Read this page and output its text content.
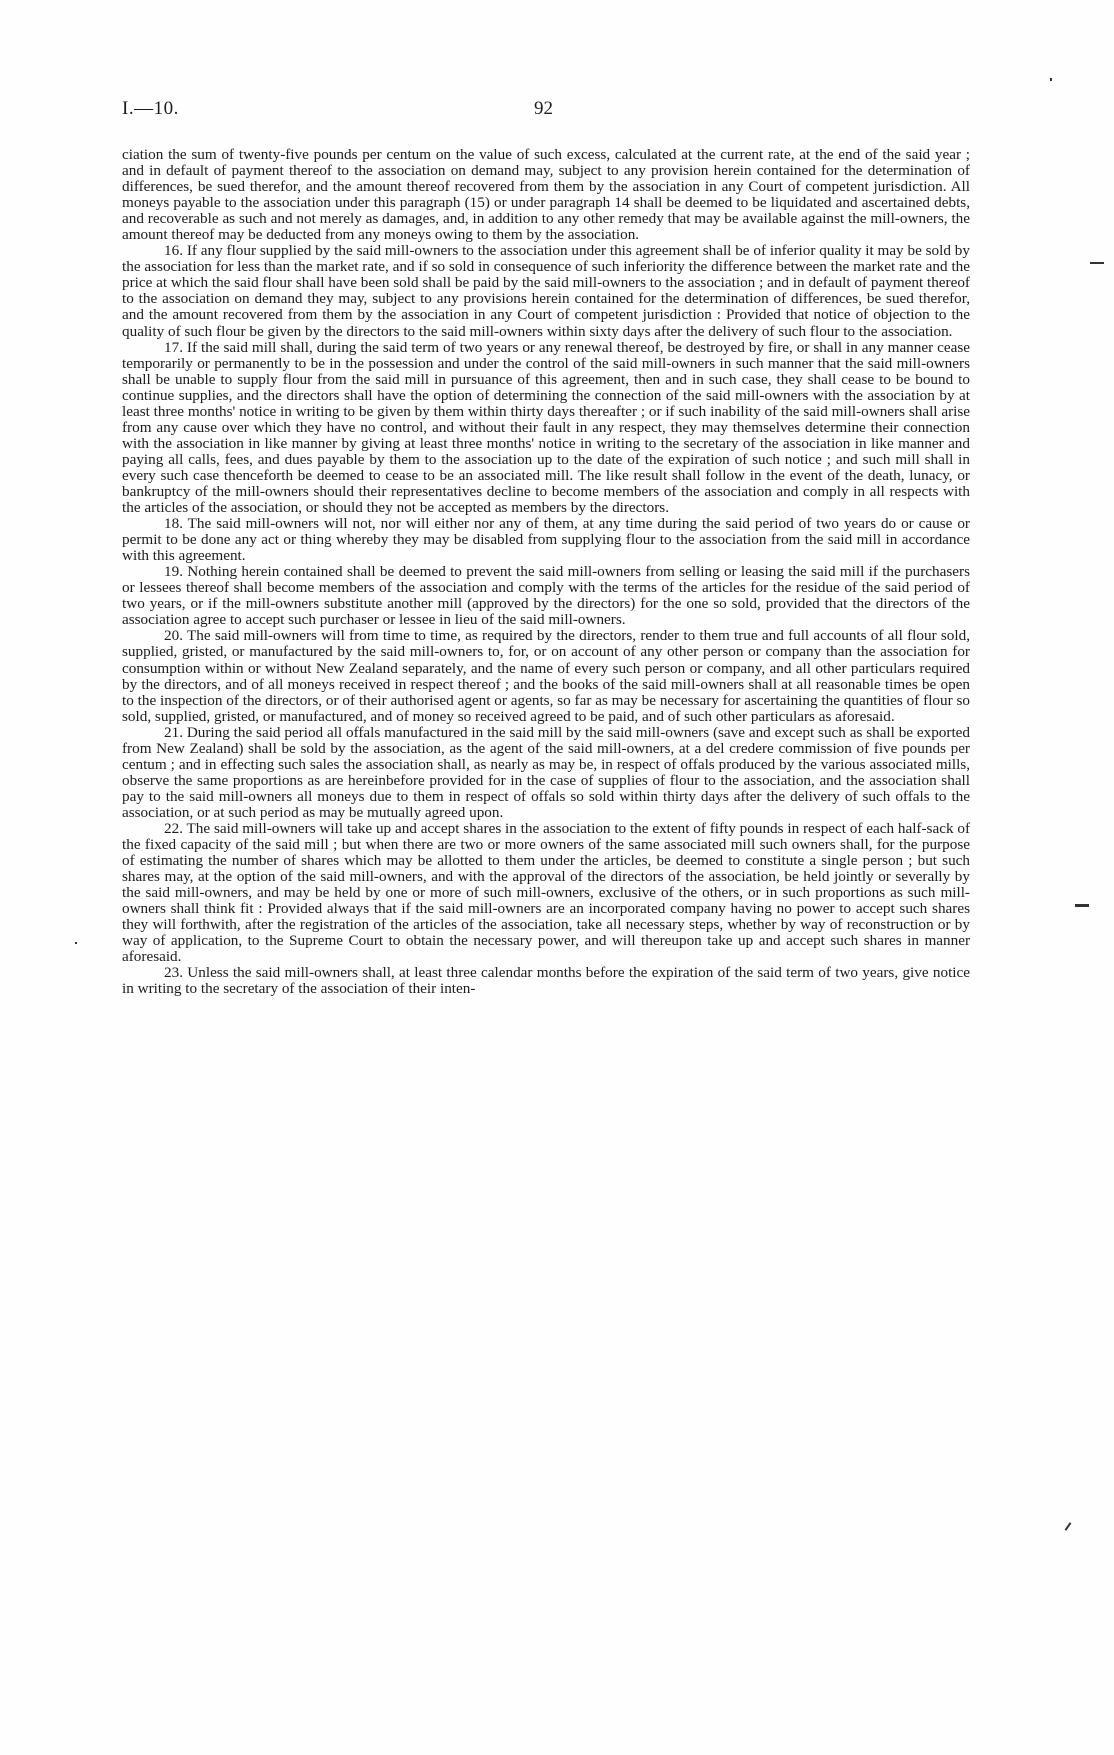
I.—10.	92

ciation the sum of twenty-five pounds per centum on the value of such excess, calculated at the current rate, at the end of the said year ; and in default of payment thereof to the association on demand may, subject to any provision herein contained for the determination of differences, be sued therefor, and the amount thereof recovered from them by the association in any Court of competent jurisdiction. All moneys payable to the association under this paragraph (15) or under paragraph 14 shall be deemed to be liquidated and ascertained debts, and recoverable as such and not merely as damages, and, in addition to any other remedy that may be available against the mill-owners, the amount thereof may be deducted from any moneys owing to them by the association.

16. If any flour supplied by the said mill-owners to the association under this agreement shall be of inferior quality it may be sold by the association for less than the market rate, and if so sold in consequence of such inferiority the difference between the market rate and the price at which the said flour shall have been sold shall be paid by the said mill-owners to the association ; and in default of payment thereof to the association on demand they may, subject to any provisions herein contained for the determination of differences, be sued therefor, and the amount recovered from them by the association in any Court of competent jurisdiction : Provided that notice of objection to the quality of such flour be given by the directors to the said mill-owners within sixty days after the delivery of such flour to the association.

17. If the said mill shall, during the said term of two years or any renewal thereof, be destroyed by fire, or shall in any manner cease temporarily or permanently to be in the possession and under the control of the said mill-owners in such manner that the said mill-owners shall be unable to supply flour from the said mill in pursuance of this agreement, then and in such case, they shall cease to be bound to continue supplies, and the directors shall have the option of determining the connection of the said mill-owners with the association by at least three months' notice in writing to be given by them within thirty days thereafter ; or if such inability of the said mill-owners shall arise from any cause over which they have no control, and without their fault in any respect, they may themselves determine their connection with the association in like manner by giving at least three months' notice in writing to the secretary of the association in like manner and paying all calls, fees, and dues payable by them to the association up to the date of the expiration of such notice ; and such mill shall in every such case thenceforth be deemed to cease to be an associated mill. The like result shall follow in the event of the death, lunacy, or bankruptcy of the mill-owners should their representatives decline to become members of the association and comply in all respects with the articles of the association, or should they not be accepted as members by the directors.

18. The said mill-owners will not, nor will either nor any of them, at any time during the said period of two years do or cause or permit to be done any act or thing whereby they may be disabled from supplying flour to the association from the said mill in accordance with this agreement.

19. Nothing herein contained shall be deemed to prevent the said mill-owners from selling or leasing the said mill if the purchasers or lessees thereof shall become members of the association and comply with the terms of the articles for the residue of the said period of two years, or if the mill-owners substitute another mill (approved by the directors) for the one so sold, provided that the directors of the association agree to accept such purchaser or lessee in lieu of the said mill-owners.

20. The said mill-owners will from time to time, as required by the directors, render to them true and full accounts of all flour sold, supplied, gristed, or manufactured by the said mill-owners to, for, or on account of any other person or company than the association for consumption within or without New Zealand separately, and the name of every such person or company, and all other particulars required by the directors, and of all moneys received in respect thereof ; and the books of the said mill-owners shall at all reasonable times be open to the inspection of the directors, or of their authorised agent or agents, so far as may be necessary for ascertaining the quantities of flour so sold, supplied, gristed, or manufactured, and of money so received agreed to be paid, and of such other particulars as aforesaid.

21. During the said period all offals manufactured in the said mill by the said mill-owners (save and except such as shall be exported from New Zealand) shall be sold by the association, as the agent of the said mill-owners, at a del credere commission of five pounds per centum ; and in effecting such sales the association shall, as nearly as may be, in respect of offals produced by the various associated mills, observe the same proportions as are hereinbefore provided for in the case of supplies of flour to the association, and the association shall pay to the said mill-owners all moneys due to them in respect of offals so sold within thirty days after the delivery of such offals to the association, or at such period as may be mutually agreed upon.

22. The said mill-owners will take up and accept shares in the association to the extent of fifty pounds in respect of each half-sack of the fixed capacity of the said mill ; but when there are two or more owners of the same associated mill such owners shall, for the purpose of estimating the number of shares which may be allotted to them under the articles, be deemed to constitute a single person ; but such shares may, at the option of the said mill-owners, and with the approval of the directors of the association, be held jointly or severally by the said mill-owners, and may be held by one or more of such mill-owners, exclusive of the others, or in such proportions as such mill-owners shall think fit : Provided always that if the said mill-owners are an incorporated company having no power to accept such shares they will forthwith, after the registration of the articles of the association, take all necessary steps, whether by way of reconstruction or by way of application, to the Supreme Court to obtain the necessary power, and will thereupon take up and accept such shares in manner aforesaid.

23. Unless the said mill-owners shall, at least three calendar months before the expiration of the said term of two years, give notice in writing to the secretary of the association of their inten-
